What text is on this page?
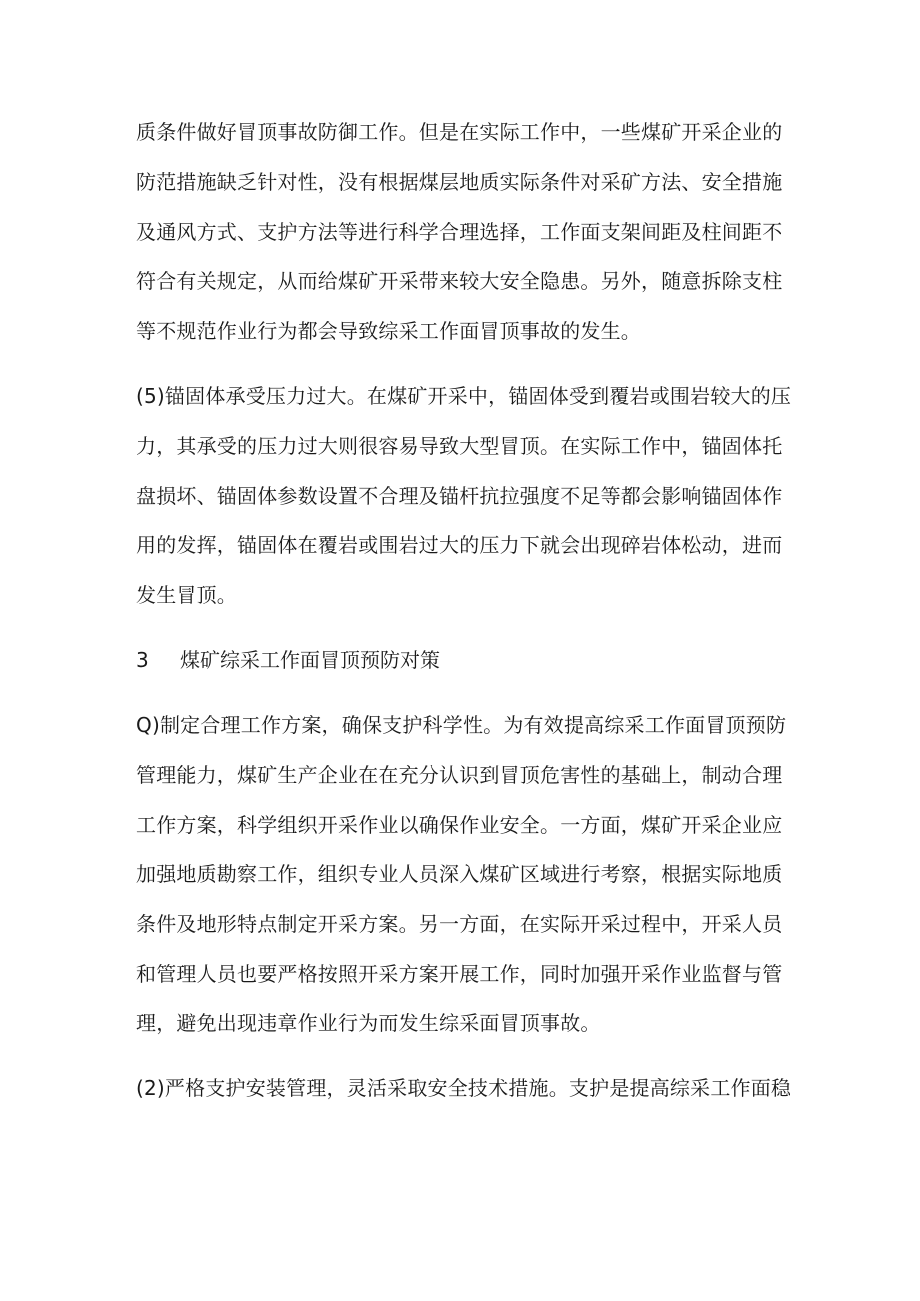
质条件做好冒顶事故防御工作。但是在实际工作中，一些煤矿开采企业的

防范措施缺乏针对性，没有根据煤层地质实际条件对采矿方法、安全措施

及通风方式、支护方法等进行科学合理选择，工作面支架间距及柱间距不

符合有关规定，从而给煤矿开采带来较大安全隐患。另外，随意拆除支柱

等不规范作业行为都会导致综采工作面冒顶事故的发生。

(5)锚固体承受压力过大。在煤矿开采中，锚固体受到覆岩或围岩较大的压

力，其承受的压力过大则很容易导致大型冒顶。在实际工作中，锚固体托

盘损坏、锚固体参数设置不合理及锚杆抗拉强度不足等都会影响锚固体作

用的发挥，锚固体在覆岩或围岩过大的压力下就会出现碎岩体松动，进而

发生冒顶。

3 煤矿综采工作面冒顶预防对策

Q)制定合理工作方案，确保支护科学性。为有效提高综采工作面冒顶预防

管理能力，煤矿生产企业在在充分认识到冒顶危害性的基础上，制动合理

工作方案，科学组织开采作业以确保作业安全。一方面，煤矿开采企业应

加强地质勘察工作，组织专业人员深入煤矿区域进行考察，根据实际地质

条件及地形特点制定开采方案。另一方面，在实际开采过程中，开采人员

和管理人员也要严格按照开采方案开展工作，同时加强开采作业监督与管

理，避免出现违章作业行为而发生综采面冒顶事故。

(2)严格支护安装管理，灵活采取安全技术措施。支护是提高综采工作面稳
